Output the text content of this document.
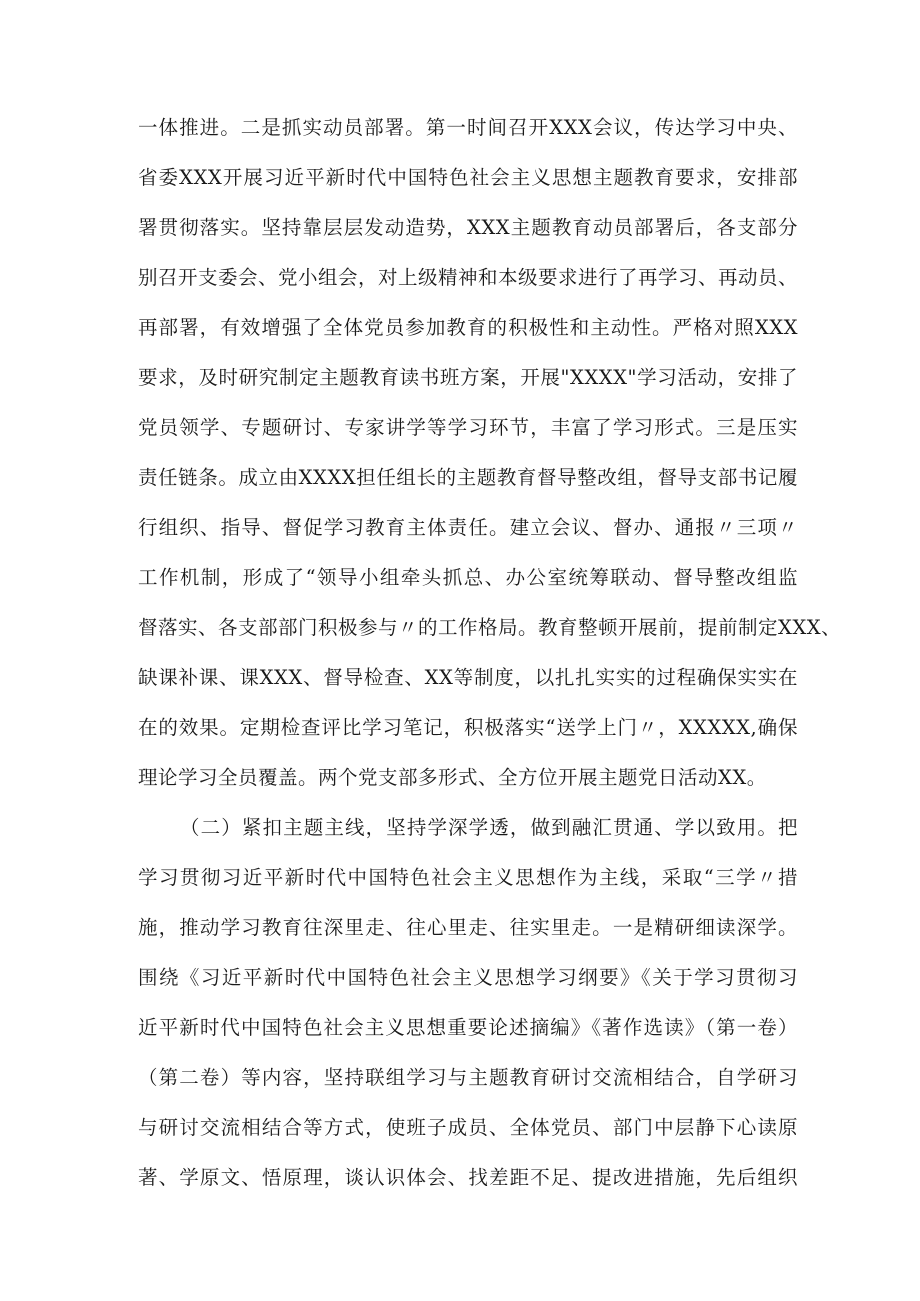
一体推进。二是抓实动员部署。第一时间召开XXX会议，传达学习中央、
省委XXX开展习近平新时代中国特色社会主义思想主题教育要求，安排部
署贯彻落实。坚持靠层层发动造势，XXX主题教育动员部署后，各支部分
别召开支委会、党小组会，对上级精神和本级要求进行了再学习、再动员、
再部署，有效增强了全体党员参加教育的积极性和主动性。严格对照XXX
要求，及时研究制定主题教育读书班方案，开展"XXXX"学习活动，安排了
党员领学、专题研讨、专家讲学等学习环节，丰富了学习形式。三是压实
责任链条。成立由XXXX担任组长的主题教育督导整改组，督导支部书记履
行组织、指导、督促学习教育主体责任。建立会议、督办、通报〃三项〃
工作机制，形成了“领导小组牵头抓总、办公室统筹联动、督导整改组监
督落实、各支部部门积极参与〃的工作格局。教育整顿开展前，提前制定XXX、
缺课补课、课XXX、督导检查、XX等制度，以扎扎实实的过程确保实实在
在的效果。定期检查评比学习笔记，积极落实“送学上门〃，XXXXX,确保
理论学习全员覆盖。两个党支部多形式、全方位开展主题党日活动XX。
（二）紧扣主题主线，坚持学深学透，做到融汇贯通、学以致用。把
学习贯彻习近平新时代中国特色社会主义思想作为主线，采取“三学〃措
施，推动学习教育往深里走、往心里走、往实里走。一是精研细读深学。
围绕《习近平新时代中国特色社会主义思想学习纲要》《关于学习贯彻习
近平新时代中国特色社会主义思想重要论述摘编》《著作选读》（第一卷）
（第二卷）等内容，坚持联组学习与主题教育研讨交流相结合，自学研习
与研讨交流相结合等方式，使班子成员、全体党员、部门中层静下心读原
著、学原文、悟原理，谈认识体会、找差距不足、提改进措施，先后组织
